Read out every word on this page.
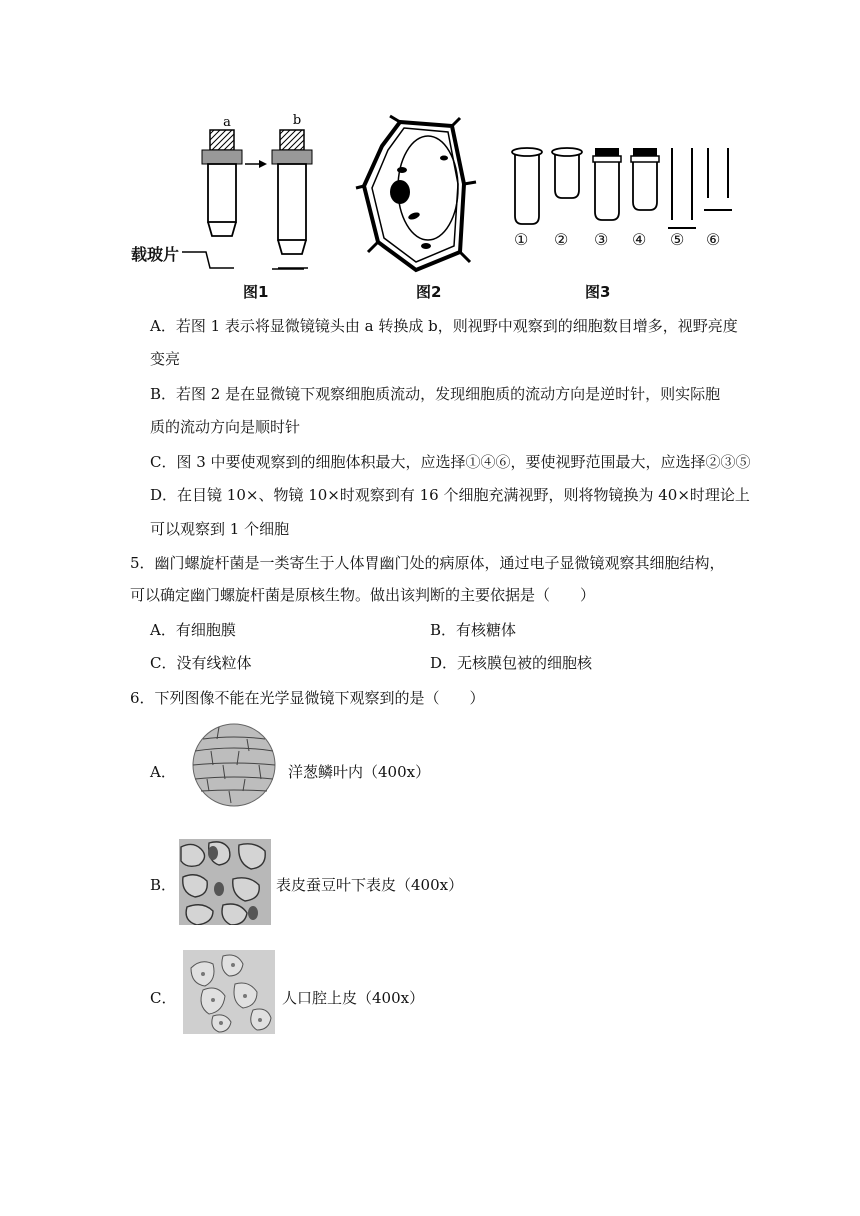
a	b
载玻片
图1	图2
① ② ③ ④ ⑤ ⑥
图3
A．若图 1 表示将显微镜镜头由 a 转换成 b，则视野中观察到的细胞数目增多，视野亮度
变亮
B．若图 2 是在显微镜下观察细胞质流动，发现细胞质的流动方向是逆时针，则实际胞
质的流动方向是顺时针
C．图 3 中要使观察到的细胞体积最大，应选择①④⑥，要使视野范围最大，应选择②③⑤
D．在目镜 10×、物镜 10×时观察到有 16 个细胞充满视野，则将物镜换为 40×时理论上
可以观察到 1 个细胞
5．幽门螺旋杆菌是一类寄生于人体胃幽门处的病原体，通过电子显微镜观察其细胞结构，
可以确定幽门螺旋杆菌是原核生物。做出该判断的主要依据是（　　）
A．有细胞膜	B．有核糖体
C．没有线粒体	D．无核膜包被的细胞核
6．下列图像不能在光学显微镜下观察到的是（　　）
A．	洋葱鳞叶内（400x）
B．	表皮蚕豆叶下表皮（400x）
C．	人口腔上皮（400x）
